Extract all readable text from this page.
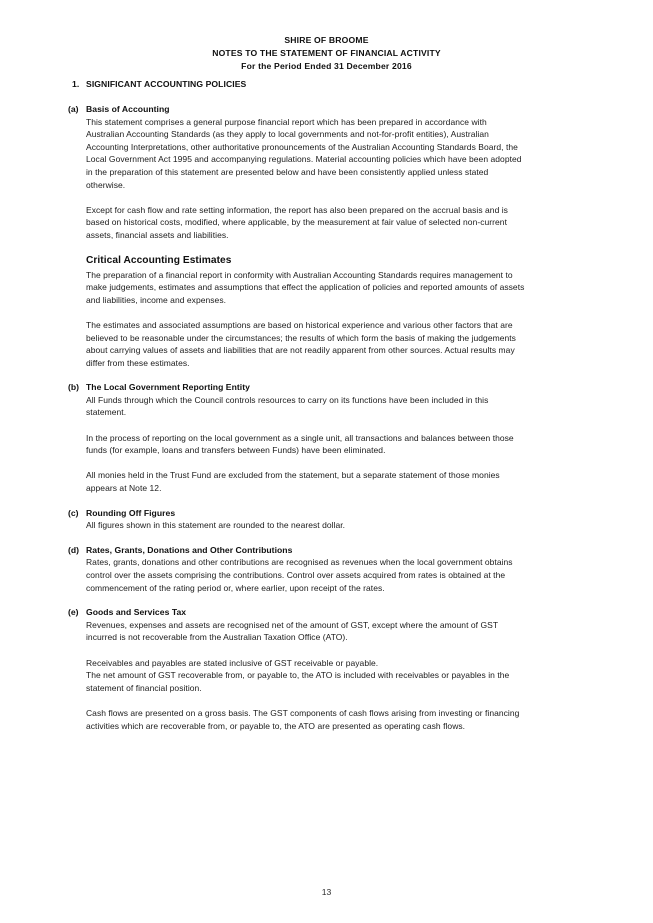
SHIRE OF BROOME
NOTES TO THE STATEMENT OF FINANCIAL ACTIVITY
For the Period Ended 31 December 2016
1. SIGNIFICANT ACCOUNTING POLICIES
(a) Basis of Accounting

This statement comprises a general purpose financial report which has been prepared in accordance with Australian Accounting Standards (as they apply to local governments and not-for-profit entities), Australian Accounting Interpretations, other authoritative pronouncements of the Australian Accounting Standards Board, the Local Government Act 1995 and accompanying regulations. Material accounting policies which have been adopted in the preparation of this statement are presented below and have been consistently applied unless stated otherwise.

Except for cash flow and rate setting information, the report has also been prepared on the accrual basis and is based on historical costs, modified, where applicable, by the measurement at fair value of selected non-current assets, financial assets and liabilities.

Critical Accounting Estimates

The preparation of a financial report in conformity with Australian Accounting Standards requires management to make judgements, estimates and assumptions that effect the application of policies and reported amounts of assets and liabilities, income and expenses.

The estimates and associated assumptions are based on historical experience and various other factors that are believed to be reasonable under the circumstances; the results of which form the basis of making the judgements about carrying values of assets and liabilities that are not readily apparent from other sources. Actual results may differ from these estimates.

(b) The Local Government Reporting Entity

All Funds through which the Council controls resources to carry on its functions have been included in this statement.

In the process of reporting on the local government as a single unit, all transactions and balances between those funds (for example, loans and transfers between Funds) have been eliminated.

All monies held in the Trust Fund are excluded from the statement, but a separate statement of those monies appears at Note 12.

(c) Rounding Off Figures

All figures shown in this statement are rounded to the nearest dollar.

(d) Rates, Grants, Donations and Other Contributions

Rates, grants, donations and other contributions are recognised as revenues when the local government obtains control over the assets comprising the contributions. Control over assets acquired from rates is obtained at the commencement of the rating period or, where earlier, upon receipt of the rates.

(e) Goods and Services Tax

Revenues, expenses and assets are recognised net of the amount of GST, except where the amount of GST incurred is not recoverable from the Australian Taxation Office (ATO).

Receivables and payables are stated inclusive of GST receivable or payable.
The net amount of GST recoverable from, or payable to, the ATO is included with receivables or payables in the statement of financial position.

Cash flows are presented on a gross basis. The GST components of cash flows arising from investing or financing activities which are recoverable from, or payable to, the ATO are presented as operating cash flows.

13
